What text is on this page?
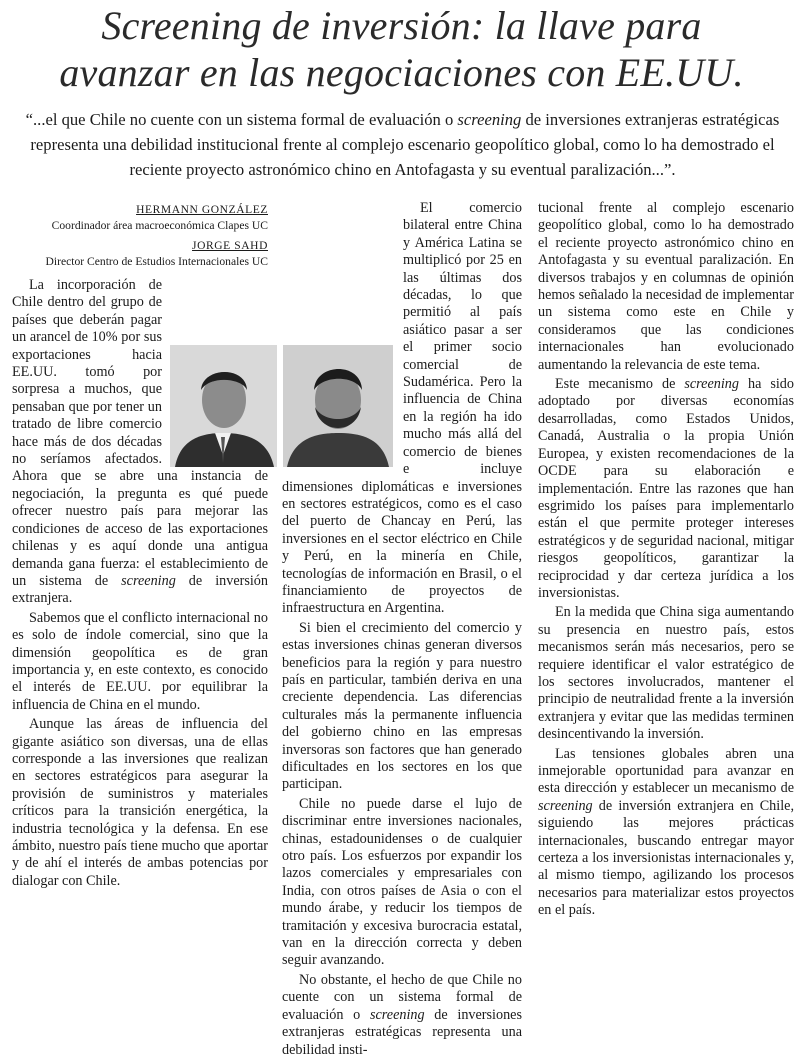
Screening de inversión: la llave para
avanzar en las negociaciones con EE.UU.
“...el que Chile no cuente con un sistema formal de evaluación o screening de inversiones extranjeras estratégicas representa una debilidad institucional frente al complejo escenario geopolítico global, como lo ha demostrado el reciente proyecto astronómico chino en Antofagasta y su eventual paralización...”.
HERMANN GONZÁLEZ
Coordinador área macroeconómica Clapes UC
JORGE SAHD
Director Centro de Estudios Internacionales UC

La incorporación de Chile dentro del grupo de países que deberán pagar un arancel de 10% por sus exportaciones hacia EE.UU. tomó por sorpresa a muchos, que pensaban que por tener un tratado de libre comercio hace más de dos décadas no seríamos afectados. Ahora que se abre una instancia de negociación, la pregunta es qué puede ofrecer nuestro país para mejorar las condiciones de acceso de las exportaciones chilenas y es aquí donde una antigua demanda gana fuerza: el establecimiento de un sistema de screening de inversión extranjera.

Sabemos que el conflicto internacional no es solo de índole comercial, sino que la dimensión geopolítica es de gran importancia y, en este contexto, es conocido el interés de EE.UU. por equilibrar la influencia de China en el mundo.

Aunque las áreas de influencia del gigante asiático son diversas, una de ellas corresponde a las inversiones que realizan en sectores estratégicos para asegurar la provisión de suministros y materiales críticos para la transición energética, la industria tecnológica y la defensa. En ese ámbito, nuestro país tiene mucho que aportar y de ahí el interés de ambas potencias por dialogar con Chile.

El comercio bilateral entre China y América Latina se multiplicó por 25 en las últimas dos décadas, lo que permitió al país asiático pasar a ser el primer socio comercial de Sudamérica. Pero la influencia de China en la región ha ido mucho más allá del comercio de bienes e incluye dimensiones diplomáticas e inversiones en sectores estratégicos, como es el caso del puerto de Chancay en Perú, las inversiones en el sector eléctrico en Chile y Perú, en la minería en Chile, tecnologías de información en Brasil, o el financiamiento de proyectos de infraestructura en Argentina.

Si bien el crecimiento del comercio y estas inversiones chinas generan diversos beneficios para la región y para nuestro país en particular, también deriva en una creciente dependencia. Las diferencias culturales más la permanente influencia del gobierno chino en las empresas inversoras son factores que han generado dificultades en los sectores en los que participan.

Chile no puede darse el lujo de discriminar entre inversiones nacionales, chinas, estadounidenses o de cualquier otro país. Los esfuerzos por expandir los lazos comerciales y empresariales con India, con otros países de Asia o con el mundo árabe, y reducir los tiempos de tramitación y excesiva burocracia estatal, van en la dirección correcta y deben seguir avanzando.

No obstante, el hecho de que Chile no cuente con un sistema formal de evaluación o screening de inversiones extranjeras estratégicas representa una debilidad insti-

tucional frente al complejo escenario geopolítico global, como lo ha demostrado el reciente proyecto astronómico chino en Antofagasta y su eventual paralización. En diversos trabajos y en columnas de opinión hemos señalado la necesidad de implementar un sistema como este en Chile y consideramos que las condiciones internacionales han evolucionado aumentando la relevancia de este tema.

Este mecanismo de screening ha sido adoptado por diversas economías desarrolladas, como Estados Unidos, Canadá, Australia o la propia Unión Europea, y existen recomendaciones de la OCDE para su elaboración e implementación. Entre las razones que han esgrimido los países para implementarlo están el que permite proteger intereses estratégicos y de seguridad nacional, mitigar riesgos geopolíticos, garantizar la reciprocidad y dar certeza jurídica a los inversionistas.

En la medida que China siga aumentando su presencia en nuestro país, estos mecanismos serán más necesarios, pero se requiere identificar el valor estratégico de los sectores involucrados, mantener el principio de neutralidad frente a la inversión extranjera y evitar que las medidas terminen desincentivando la inversión.

Las tensiones globales abren una inmejorable oportunidad para avanzar en esta dirección y establecer un mecanismo de screening de inversión extranjera en Chile, siguiendo las mejores prácticas internacionales, buscando entregar mayor certeza a los inversionistas internacionales y, al mismo tiempo, agilizando los procesos necesarios para materializar estos proyectos en el país.
